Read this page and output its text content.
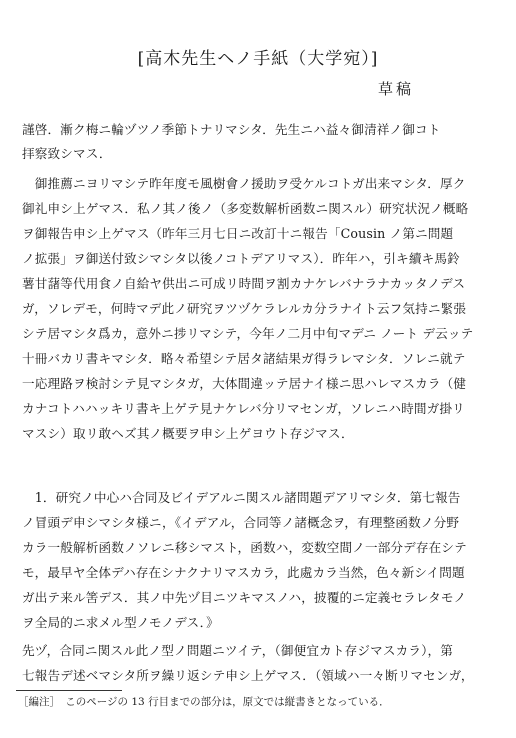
[高木先生ヘノ手紙（大学宛）]
草稿
謹啓．漸ク梅ニ輪ヅツノ季節トナリマシタ．先生ニハ益々御清祥ノ御コト
拝察致シマス．
　御推薦ニヨリマシテ昨年度モ風樹會ノ援助ヲ受ケルコトガ出来マシタ．厚ク
御礼申シ上ゲマス．私ノ其ノ後ノ（多変数解析函数ニ関スル）研究状況ノ概略
ヲ御報告申シ上ゲマス（昨年三月七日ニ改訂十ニ報告「Cousin ノ第ニ問題
ノ拡張」ヲ御送付致シマシタ以後ノコトデアリマス）．昨年ハ，引キ續キ馬鈴
薯甘藷等代用食ノ自給ヤ供出ニ可成リ時間ヲ割カナケレバナラナカッタノデス
ガ，ソレデモ，何時マデ此ノ研究ヲツヅケラレルカ分ラナイト云フ気持ニ緊張
シテ居マシタ爲カ，意外ニ捗リマシテ，今年ノ二月中旬マデニ ノート デ云ッテ
十冊バカリ書キマシタ．略々希望シテ居タ諸結果ガ得ラレマシタ．ソレニ就テ
一応理路ヲ検討シテ見マシタガ，大体間違ッテ居ナイ様ニ思ハレマスカラ（健
カナコトハハッキリ書キ上ゲテ見ナケレバ分リマセンガ，ソレニハ時間ガ掛リ
マスシ）取リ敢ヘズ其ノ概要ヲ申シ上ゲヨウト存ジマス．
　1．研究ノ中心ハ合同及ビイデアルニ関スル諸問題デアリマシタ．第七報告
ノ冒頭デ申シマシタ様ニ，《イデアル，合同等ノ諸概念ヲ，有理整函数ノ分野
カラ一般解析函数ノソレニ移シマスト，函数ハ，変数空間ノ一部分デ存在シテ
モ，最早ヤ全体デハ存在シナクナリマスカラ，此處カラ当然，色々新シイ問題
ガ出テ来ル筈デス．其ノ中先ヅ目ニツキマスノハ，披覆的ニ定義セラレタモノ
ヲ全局的ニ求メル型ノモノデス．》
先ヅ，合同ニ関スル此ノ型ノ問題ニツイテ，（御便宜カト存ジマスカラ），第
七報告デ述ベマシタ所ヲ繰リ返シテ申シ上ゲマス．（領域ハ一々断リマセンガ，
［編注］　このページの 13 行目までの部分は，原文では縦書きとなっている．
